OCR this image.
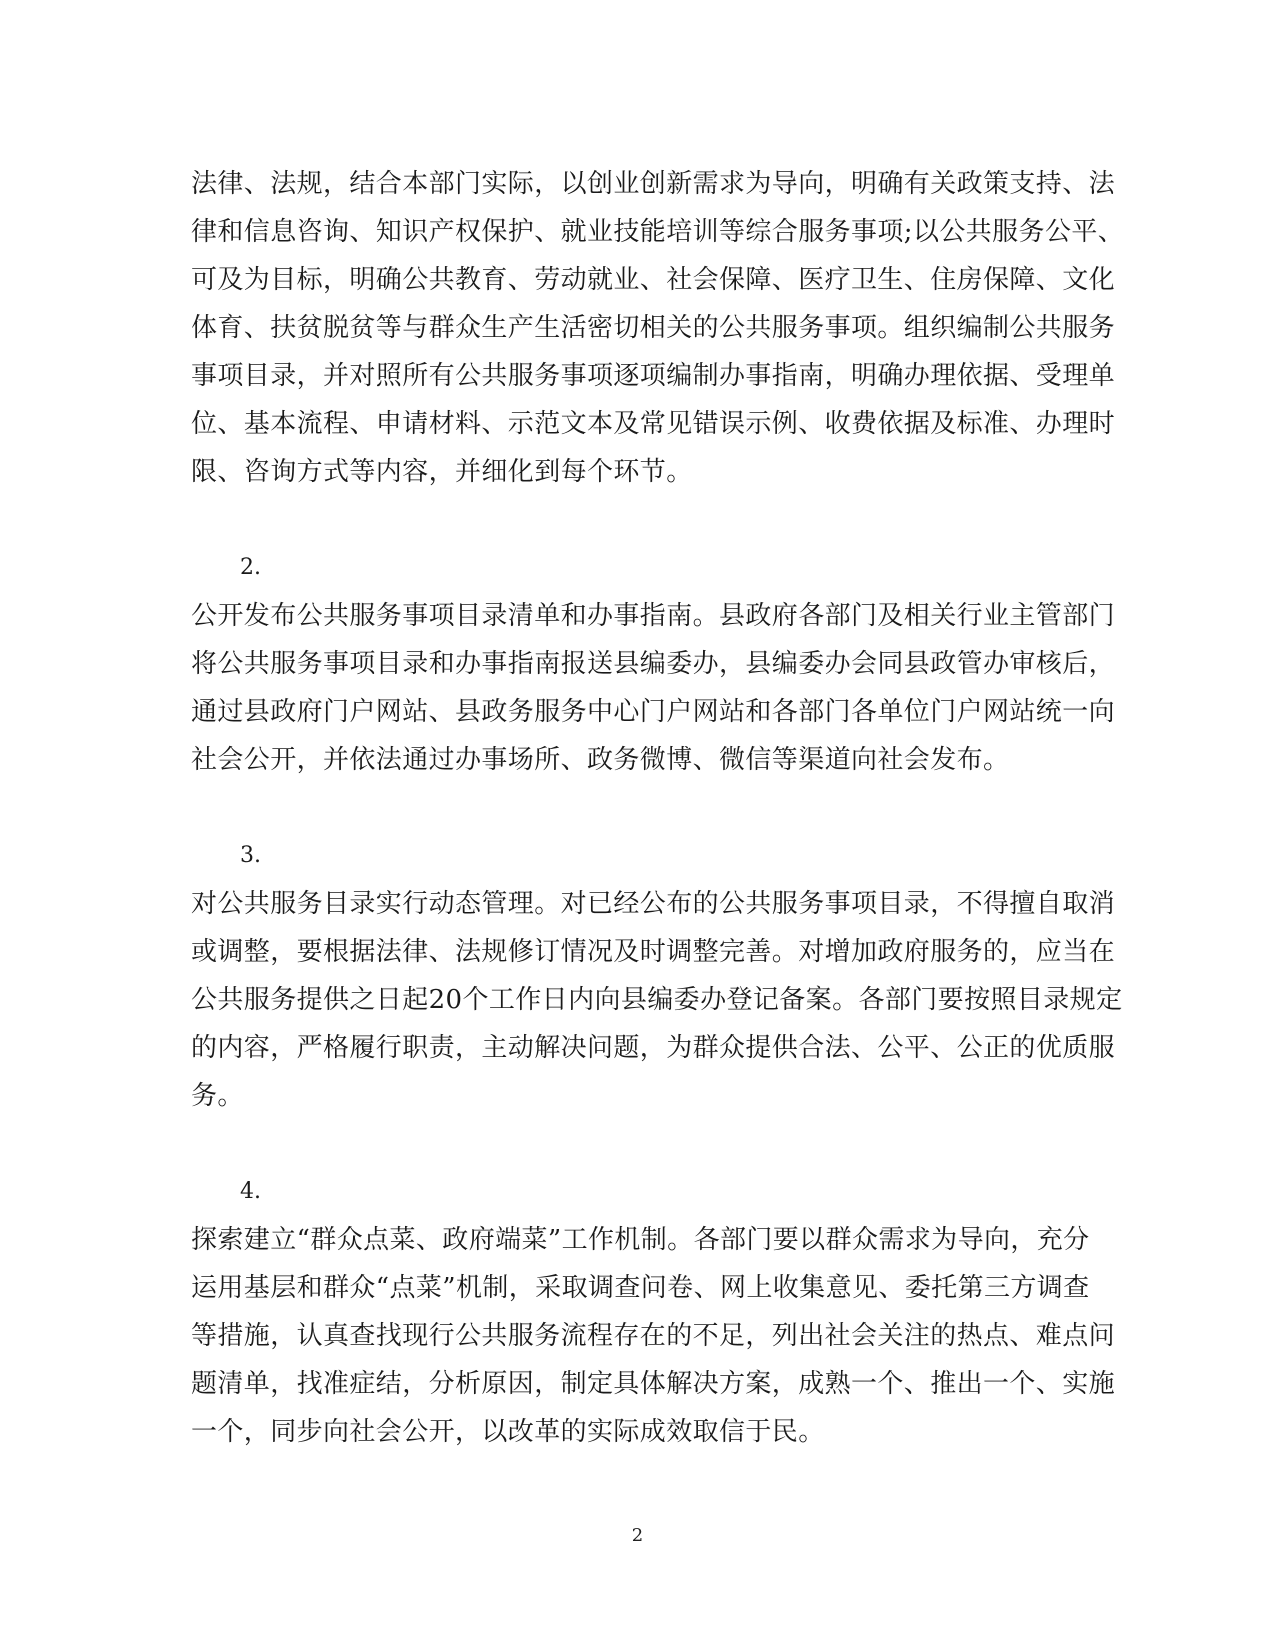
法律、法规，结合本部门实际，以创业创新需求为导向，明确有关政策支持、法
律和信息咨询、知识产权保护、就业技能培训等综合服务事项;以公共服务公平、
可及为目标，明确公共教育、劳动就业、社会保障、医疗卫生、住房保障、文化
体育、扶贫脱贫等与群众生产生活密切相关的公共服务事项。组织编制公共服务
事项目录，并对照所有公共服务事项逐项编制办事指南，明确办理依据、受理单
位、基本流程、申请材料、示范文本及常见错误示例、收费依据及标准、办理时
限、咨询方式等内容，并细化到每个环节。
2.
公开发布公共服务事项目录清单和办事指南。县政府各部门及相关行业主管部门
将公共服务事项目录和办事指南报送县编委办，县编委办会同县政管办审核后，
通过县政府门户网站、县政务服务中心门户网站和各部门各单位门户网站统一向
社会公开，并依法通过办事场所、政务微博、微信等渠道向社会发布。
3.
对公共服务目录实行动态管理。对已经公布的公共服务事项目录，不得擅自取消
或调整，要根据法律、法规修订情况及时调整完善。对增加政府服务的，应当在
公共服务提供之日起20个工作日内向县编委办登记备案。各部门要按照目录规定
的内容，严格履行职责，主动解决问题，为群众提供合法、公平、公正的优质服
务。
4.
探索建立“群众点菜、政府端菜”工作机制。各部门要以群众需求为导向，充分
运用基层和群众“点菜”机制，采取调查问卷、网上收集意见、委托第三方调查
等措施，认真查找现行公共服务流程存在的不足，列出社会关注的热点、难点问
题清单，找准症结，分析原因，制定具体解决方案，成熟一个、推出一个、实施
一个，同步向社会公开，以改革的实际成效取信于民。
2
